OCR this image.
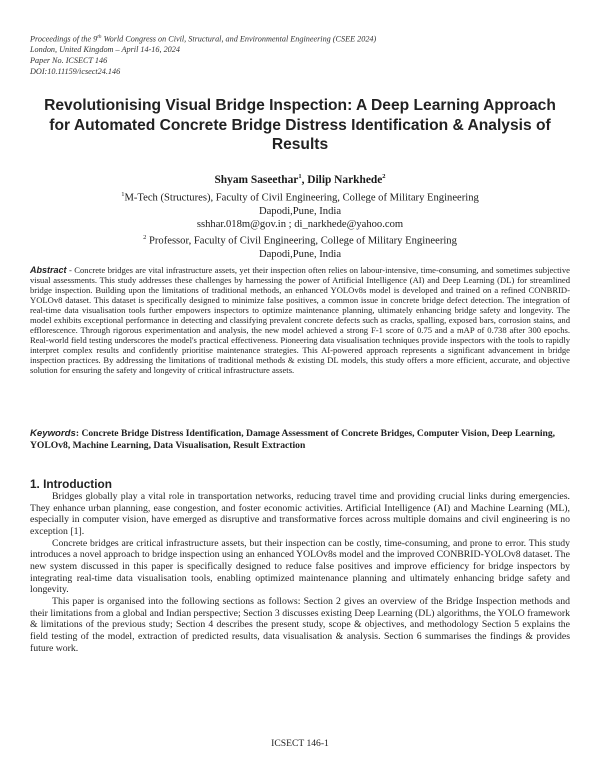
Proceedings of the 9th World Congress on Civil, Structural, and Environmental Engineering (CSEE 2024)
London, United Kingdom – April 14-16, 2024
Paper No. ICSECT 146
DOI:10.11159/icsect24.146
Revolutionising Visual Bridge Inspection: A Deep Learning Approach
for Automated Concrete Bridge Distress Identification & Analysis of
Results
Shyam Saseethar$^1$, Dilip Narkhede$^2$
$^1$M-Tech (Structures), Faculty of Civil Engineering, College of Military Engineering
Dapodi,Pune, India
sshhar.018m@gov.in ; di_narkhede@yahoo.com
$^2$ Professor, Faculty of Civil Engineering, College of Military Engineering
Dapodi,Pune, India
Abstract - Concrete bridges are vital infrastructure assets, yet their inspection often relies on labour-intensive, time-consuming, and sometimes subjective visual assessments. This study addresses these challenges by harnessing the power of Artificial Intelligence (AI) and Deep Learning (DL) for streamlined bridge inspection. Building upon the limitations of traditional methods, an enhanced YOLOv8s model is developed and trained on a refined CONBRID-YOLOv8 dataset. This dataset is specifically designed to minimize false positives, a common issue in concrete bridge defect detection. The integration of real-time data visualisation tools further empowers inspectors to optimize maintenance planning, ultimately enhancing bridge safety and longevity. The model exhibits exceptional performance in detecting and classifying prevalent concrete defects such as cracks, spalling, exposed bars, corrosion stains, and efflorescence. Through rigorous experimentation and analysis, the new model achieved a strong F-1 score of 0.75 and a mAP of 0.738 after 300 epochs. Real-world field testing underscores the model's practical effectiveness. Pioneering data visualisation techniques provide inspectors with the tools to rapidly interpret complex results and confidently prioritise maintenance strategies. This AI-powered approach represents a significant advancement in bridge inspection practices. By addressing the limitations of traditional methods & existing DL models, this study offers a more efficient, accurate, and objective solution for ensuring the safety and longevity of critical infrastructure assets.
Keywords: Concrete Bridge Distress Identification, Damage Assessment of Concrete Bridges, Computer Vision, Deep Learning, YOLOv8, Machine Learning, Data Visualisation, Result Extraction
1. Introduction

Bridges globally play a vital role in transportation networks, reducing travel time and providing crucial links during emergencies. They enhance urban planning, ease congestion, and foster economic activities. Artificial Intelligence (AI) and Machine Learning (ML), especially in computer vision, have emerged as disruptive and transformative forces across multiple domains and civil engineering is no exception [1].

Concrete bridges are critical infrastructure assets, but their inspection can be costly, time-consuming, and prone to error. This study introduces a novel approach to bridge inspection using an enhanced YOLOv8s model and the improved CONBRID-YOLOv8 dataset. The new system discussed in this paper is specifically designed to reduce false positives and improve efficiency for bridge inspectors by integrating real-time data visualisation tools, enabling optimized maintenance planning and ultimately enhancing bridge safety and longevity.

This paper is organised into the following sections as follows: Section 2 gives an overview of the Bridge Inspection methods and their limitations from a global and Indian perspective; Section 3 discusses existing Deep Learning (DL) algorithms, the YOLO framework & limitations of the previous study; Section 4 describes the present study, scope & objectives, and methodology Section 5 explains the field testing of the model, extraction of predicted results, data visualisation & analysis. Section 6 summarises the findings & provides future work.

ICSECT 146-1
